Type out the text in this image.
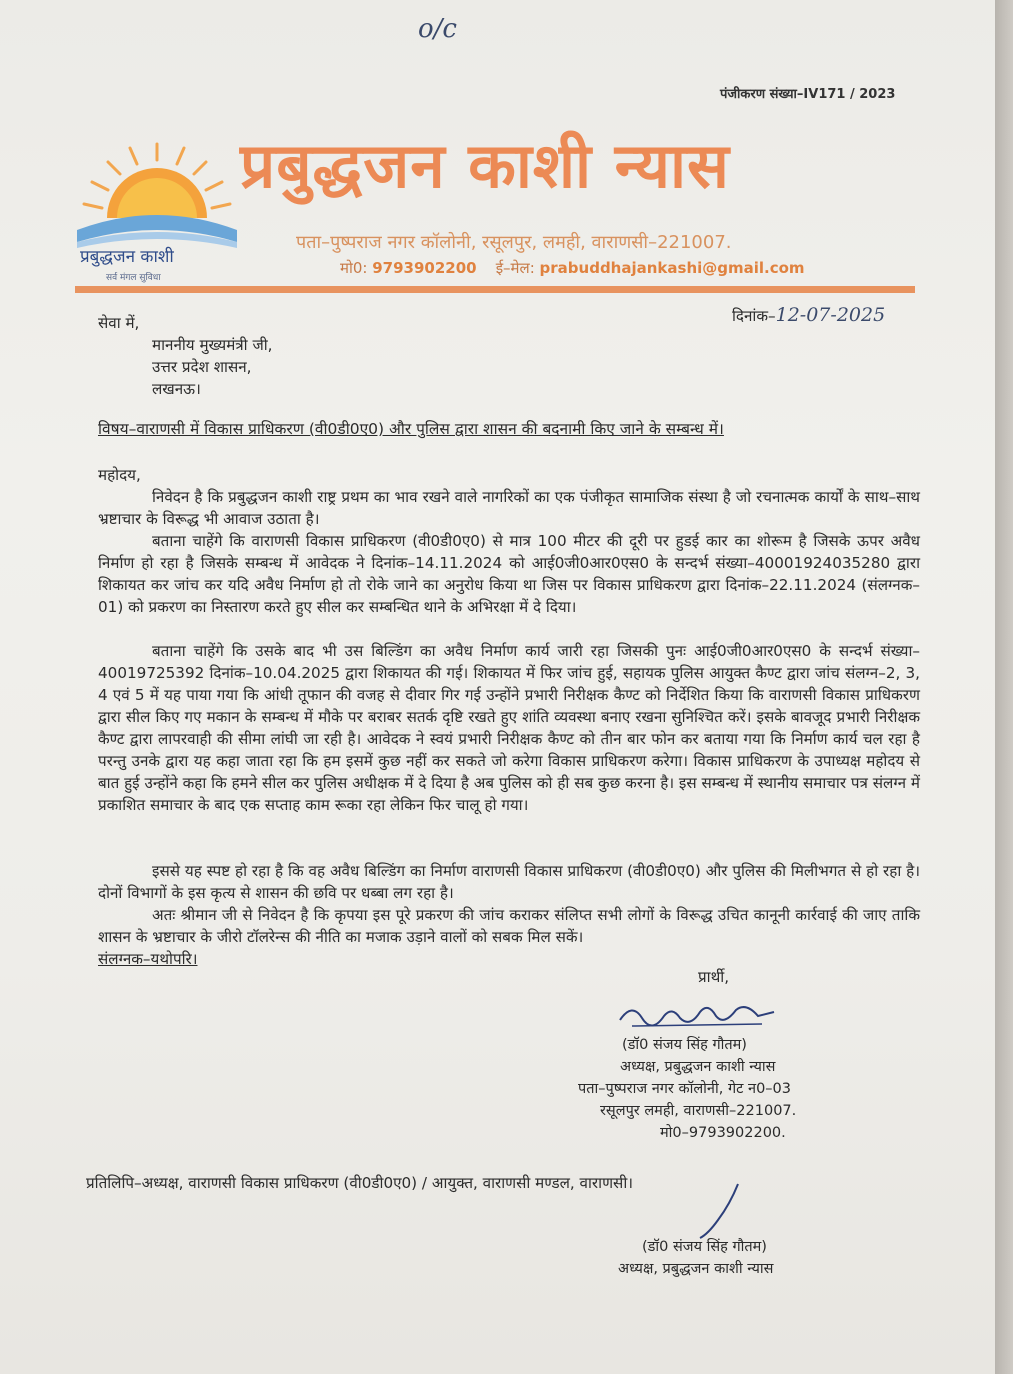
o/c
पंजीकरण संख्या–IV171 / 2023
प्रबुद्धजन काशी
सर्व मंगल सुविधा
प्रबुद्धजन काशी न्यास
पता–पुष्पराज नगर कॉलोनी, रसूलपुर, लमही, वाराणसी–221007.
मो0: 9793902200 ई–मेल: prabuddhajankashi@gmail.com
सेवा में,	दिनांक–12-07-2025
माननीय मुख्यमंत्री जी,
उत्तर प्रदेश शासन,
लखनऊ।
विषय–वाराणसी में विकास प्राधिकरण (वी0डी0ए0) और पुलिस द्वारा शासन की बदनामी किए जाने के सम्बन्ध में।
महोदय,
निवेदन है कि प्रबुद्धजन काशी राष्ट्र प्रथम का भाव रखने वाले नागरिकों का एक पंजीकृत सामाजिक संस्था है जो रचनात्मक कार्यों के साथ–साथ भ्रष्टाचार के विरूद्ध भी आवाज उठाता है।
बताना चाहेंगे कि वाराणसी विकास प्राधिकरण (वी0डी0ए0) से मात्र 100 मीटर की दूरी पर हुडई कार का शोरूम है जिसके ऊपर अवैध निर्माण हो रहा है जिसके सम्बन्ध में आवेदक ने दिनांक–14.11.2024 को आई0जी0आर0एस0 के सन्दर्भ संख्या–40001924035280 द्वारा शिकायत कर जांच कर यदि अवैध निर्माण हो तो रोके जाने का अनुरोध किया था जिस पर विकास प्राधिकरण द्वारा दिनांक–22.11.2024 (संलग्नक–01) को प्रकरण का निस्तारण करते हुए सील कर सम्बन्धित थाने के अभिरक्षा में दे दिया।
बताना चाहेंगे कि उसके बाद भी उस बिल्डिंग का अवैध निर्माण कार्य जारी रहा जिसकी पुनः आई0जी0आर0एस0 के सन्दर्भ संख्या–40019725392 दिनांक–10.04.2025 द्वारा शिकायत की गई। शिकायत में फिर जांच हुई, सहायक पुलिस आयुक्त कैण्ट द्वारा जांच संलग्न–2, 3, 4 एवं 5 में यह पाया गया कि आंधी तूफान की वजह से दीवार गिर गई उन्होंने प्रभारी निरीक्षक कैण्ट को निर्देशित किया कि वाराणसी विकास प्राधिकरण द्वारा सील किए गए मकान के सम्बन्ध में मौके पर बराबर सतर्क दृष्टि रखते हुए शांति व्यवस्था बनाए रखना सुनिश्चित करें। इसके बावजूद प्रभारी निरीक्षक कैण्ट द्वारा लापरवाही की सीमा लांघी जा रही है। आवेदक ने स्वयं प्रभारी निरीक्षक कैण्ट को तीन बार फोन कर बताया गया कि निर्माण कार्य चल रहा है परन्तु उनके द्वारा यह कहा जाता रहा कि हम इसमें कुछ नहीं कर सकते जो करेगा विकास प्राधिकरण करेगा। विकास प्राधिकरण के उपाध्यक्ष महोदय से बात हुई उन्होंने कहा कि हमने सील कर पुलिस अधीक्षक में दे दिया है अब पुलिस को ही सब कुछ करना है। इस सम्बन्ध में स्थानीय समाचार पत्र संलग्न में प्रकाशित समाचार के बाद एक सप्ताह काम रूका रहा लेकिन फिर चालू हो गया।
इससे यह स्पष्ट हो रहा है कि वह अवैध बिल्डिंग का निर्माण वाराणसी विकास प्राधिकरण (वी0डी0ए0) और पुलिस की मिलीभगत से हो रहा है। दोनों विभागों के इस कृत्य से शासन की छवि पर धब्बा लग रहा है।
अतः श्रीमान जी से निवेदन है कि कृपया इस पूरे प्रकरण की जांच कराकर संलिप्त सभी लोगों के विरूद्ध उचित कानूनी कार्रवाई की जाए ताकि शासन के भ्रष्टाचार के जीरो टॉलरेन्स की नीति का मजाक उड़ाने वालों को सबक मिल सकें।
संलग्नक–यथोपरि।
प्रार्थी,
(डॉ0 संजय सिंह गौतम)
अध्यक्ष, प्रबुद्धजन काशी न्यास
पता–पुष्पराज नगर कॉलोनी, गेट न0–03
रसूलपुर लमही, वाराणसी–221007.
मो0–9793902200.
प्रतिलिपि–अध्यक्ष, वाराणसी विकास प्राधिकरण (वी0डी0ए0) / आयुक्त, वाराणसी मण्डल, वाराणसी।
(डॉ0 संजय सिंह गौतम)
अध्यक्ष, प्रबुद्धजन काशी न्यास
